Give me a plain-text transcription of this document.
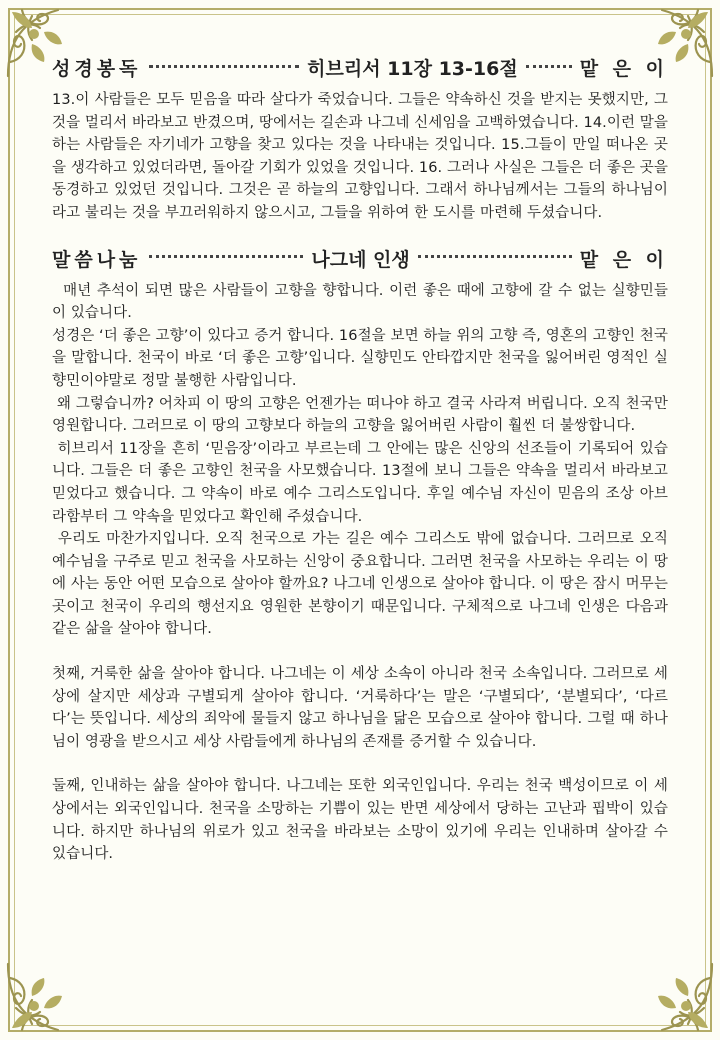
성경봉독	히브리서 11장 13-16절	맡 은 이

13.이 사람들은 모두 믿음을 따라 살다가 죽었습니다. 그들은 약속하신 것을 받지는 못했지만, 그것을 멀리서 바라보고 반겼으며, 땅에서는 길손과 나그네 신세임을 고백하였습니다. 14.이런 말을 하는 사람들은 자기네가 고향을 찾고 있다는 것을 나타내는 것입니다. 15.그들이 만일 떠나온 곳을 생각하고 있었더라면, 돌아갈 기회가 있었을 것입니다. 16. 그러나 사실은 그들은 더 좋은 곳을 동경하고 있었던 것입니다. 그것은 곧 하늘의 고향입니다. 그래서 하나님께서는 그들의 하나님이라고 불리는 것을 부끄러워하지 않으시고, 그들을 위하여 한 도시를 마련해 두셨습니다.

말씀나눔	나그네 인생	맡 은 이

매년 추석이 되면 많은 사람들이 고향을 향합니다. 이런 좋은 때에 고향에 갈 수 없는 실향민들이 있습니다.

성경은 ‘더 좋은 고향’이 있다고 증거 합니다. 16절을 보면 하늘 위의 고향 즉, 영혼의 고향인 천국을 말합니다. 천국이 바로 ‘더 좋은 고향’입니다. 실향민도 안타깝지만 천국을 잃어버린 영적인 실향민이야말로 정말 불행한 사람입니다.

왜 그렇습니까? 어차피 이 땅의 고향은 언젠가는 떠나야 하고 결국 사라져 버립니다. 오직 천국만 영원합니다. 그러므로 이 땅의 고향보다 하늘의 고향을 잃어버린 사람이 훨씬 더 불쌍합니다.

히브리서 11장을 흔히 ‘믿음장’이라고 부르는데 그 안에는 많은 신앙의 선조들이 기록되어 있습니다. 그들은 더 좋은 고향인 천국을 사모했습니다. 13절에 보니 그들은 약속을 멀리서 바라보고 믿었다고 했습니다. 그 약속이 바로 예수 그리스도입니다. 후일 예수님 자신이 믿음의 조상 아브라함부터 그 약속을 믿었다고 확인해 주셨습니다.

우리도 마찬가지입니다. 오직 천국으로 가는 길은 예수 그리스도 밖에 없습니다. 그러므로 오직 예수님을 구주로 믿고 천국을 사모하는 신앙이 중요합니다. 그러면 천국을 사모하는 우리는 이 땅에 사는 동안 어떤 모습으로 살아야 할까요? 나그네 인생으로 살아야 합니다. 이 땅은 잠시 머무는 곳이고 천국이 우리의 행선지요 영원한 본향이기 때문입니다. 구체적으로 나그네 인생은 다음과 같은 삶을 살아야 합니다.

첫째, 거룩한 삶을 살아야 합니다. 나그네는 이 세상 소속이 아니라 천국 소속입니다. 그러므로 세상에 살지만 세상과 구별되게 살아야 합니다. ‘거룩하다’는 말은 ‘구별되다’, ‘분별되다’, ‘다르다’는 뜻입니다. 세상의 죄악에 물들지 않고 하나님을 닮은 모습으로 살아야 합니다. 그럴 때 하나님이 영광을 받으시고 세상 사람들에게 하나님의 존재를 증거할 수 있습니다.

둘째, 인내하는 삶을 살아야 합니다. 나그네는 또한 외국인입니다. 우리는 천국 백성이므로 이 세상에서는 외국인입니다. 천국을 소망하는 기쁨이 있는 반면 세상에서 당하는 고난과 핍박이 있습니다. 하지만 하나님의 위로가 있고 천국을 바라보는 소망이 있기에 우리는 인내하며 살아갈 수 있습니다.
